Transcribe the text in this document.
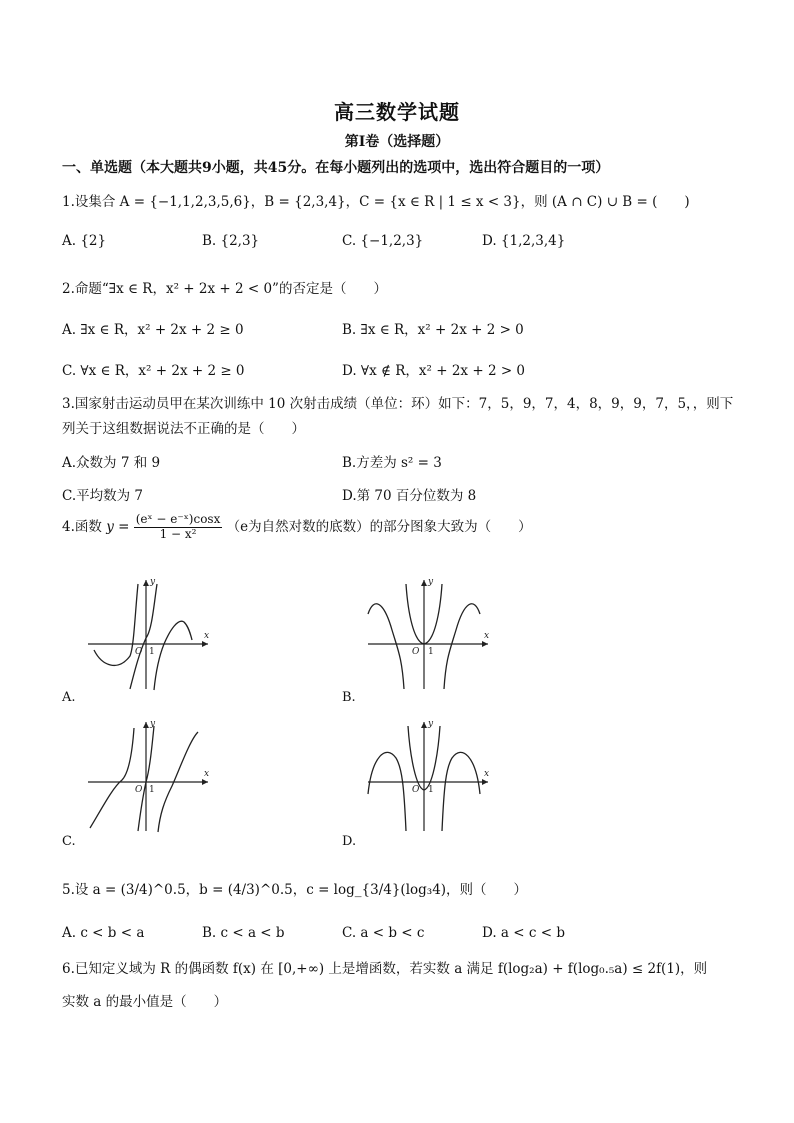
高三数学试题
第Ⅰ卷（选择题）
一、单选题（本大题共9小题，共45分。在每小题列出的选项中，选出符合题目的一项）
1.设集合 A = {−1,1,2,3,5,6}，B = {2,3,4}，C = {x ∈ R | 1 ≤ x < 3}，则 (A ∩ C) ∪ B = (　　)
A. {2}	B. {2,3}	C. {−1,2,3}	D. {1,2,3,4}
2.命题“∃x ∈ R，x² + 2x + 2 < 0”的否定是（　　）
A. ∃x ∈ R，x² + 2x + 2 ≥ 0	B. ∃x ∈ R，x² + 2x + 2 > 0
C. ∀x ∈ R，x² + 2x + 2 ≥ 0	D. ∀x ∉ R，x² + 2x + 2 > 0
3.国家射击运动员甲在某次训练中 10 次射击成绩（单位：环）如下：7，5，9，7，4，8，9，9，7，5，，则下
列关于这组数据说法不正确的是（　　）
A.众数为 7 和 9	B.方差为 s² = 3
C.平均数为 7	D.第 70 百分位数为 8
4.函数 $y = \frac{\text{(eˣ − e⁻ˣ)cosx}}{\text{1 − x²}} (e$为自然对数的底数）的部分图象大致为（　　）
x
y
O 1
A.
x
y
O 1
B.
x
y
O 1
C.
x
y
O 1
D.
5.设 a = (3/4)^0.5，b = (4/3)^0.5，c = log_{3/4}(log₃4)，则（　　）
A. c < b < a	B. c < a < b	C. a < b < c	D. a < c < b
6.已知定义域为 R 的偶函数 f(x) 在 [0,+∞) 上是增函数，若实数 a 满足 f(log₂a) + f(log₀.₅a) ≤ 2f(1)，则
实数 a 的最小值是（　　）
